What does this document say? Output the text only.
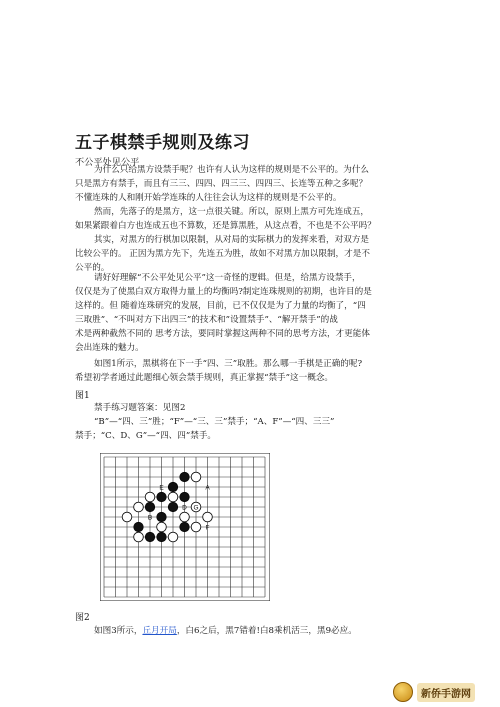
五子棋禁手规则及练习
不公平处见公平
为什么只给黑方设禁手呢？也许有人认为这样的规则是不公平的。为什么
只是黑方有禁手，而且有三三、四四、四三三、四四三、长连等五种之多呢？
不懂连珠的人和刚开始学连珠的人往往会认为这样的规则是不公平的。
然而，先落子的是黑方，这一点很关键。所以，原则上黑方可先连成五，
如果紧跟着白方也连成五也不算数，还是算黑胜，从这点看，不也是不公平吗？
其实，对黑方的行棋加以限制，从对局的实际棋力的发挥来看，对双方是
比较公平的。 正因为黑方先下，先连五为胜，故如不对黑方加以限制，才是不
公平的。
请好好理解“不公平处见公平”这一奇怪的逻辑。但是，给黑方设禁手，
仅仅是为了使黑白双方取得力量上的均衡吗?制定连珠规则的初期，也许目的是
这样的。但 随着连珠研究的发展，目前，已不仅仅是为了力量的均衡了，“四
三取胜”、“不叫对方下出四三”的技术和”设置禁手”、“解开禁手”的战
术是两种截然不同的 思考方法，要同时掌握这两种不同的思考方法，才更能体
会出连珠的魅力。
如图1所示，黑棋将在下一手“四、三”取胜。那么哪一手棋是正确的呢?
希望初学者通过此题细心领会禁手规则，真正掌握“禁手”这一概念。
图1
禁手练习题答案：见图2
“B”—“四、三”胜；“F”—“三、三”禁手；“A、F”—“四、三三”
禁手；“C、D、G”—“四、四”禁手。
E	A
C D G
B
F
图2
如图3所示，丘月开局，白6之后，黑7错着!白8乘机活三，黑9必应。
新侨手游网
